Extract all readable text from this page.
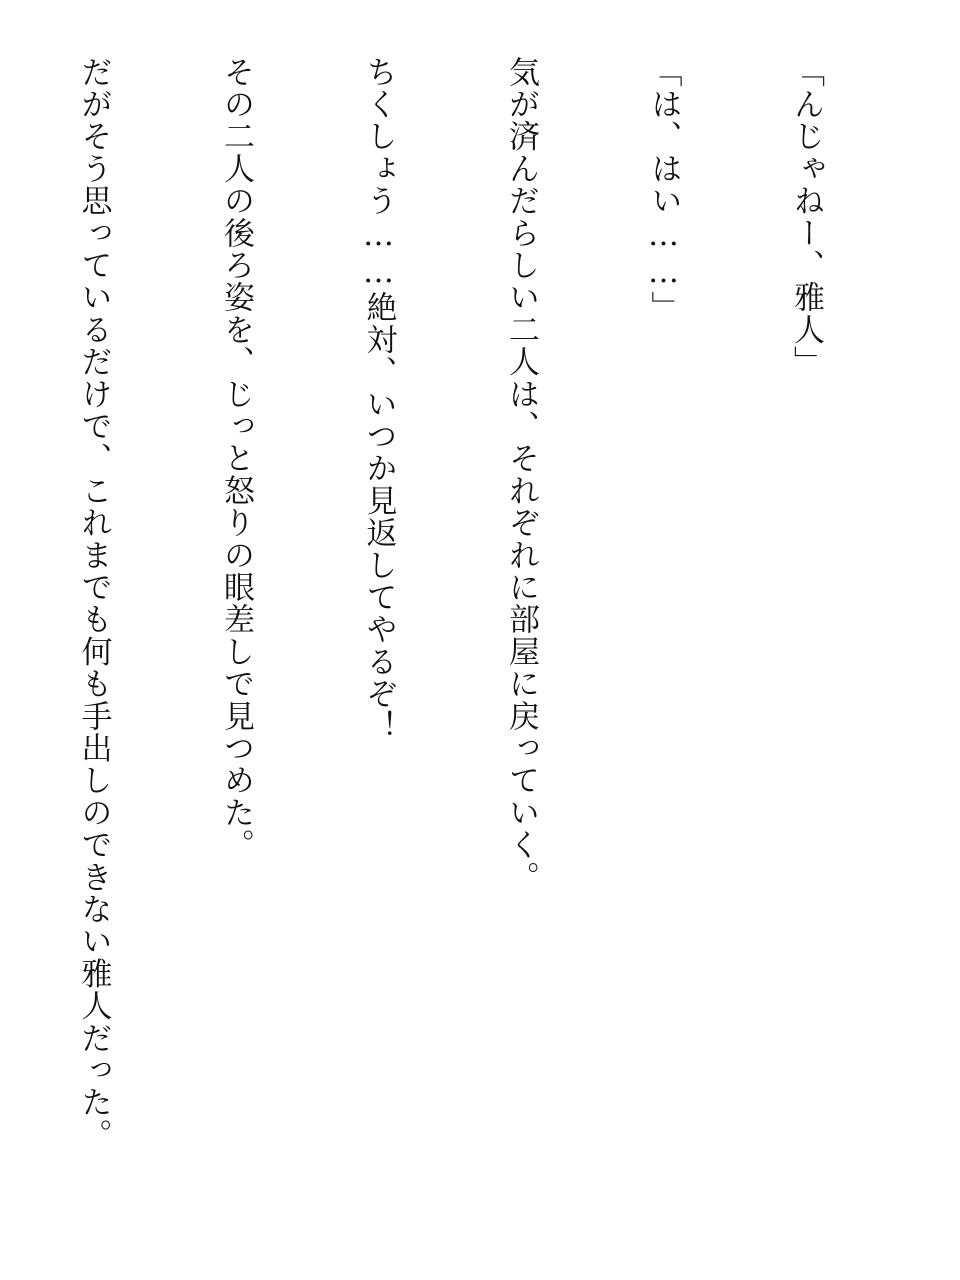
「んじゃねー、雅人」

「は、はい……」

気が済んだらしい二人は、それぞれに部屋に戻っていく。

ちくしょう……絶対、いつか見返してやるぞ！

その二人の後ろ姿を、じっと怒りの眼差しで見つめた。

だがそう思っているだけで、これまでも何も手出しのできない雅人だった。
